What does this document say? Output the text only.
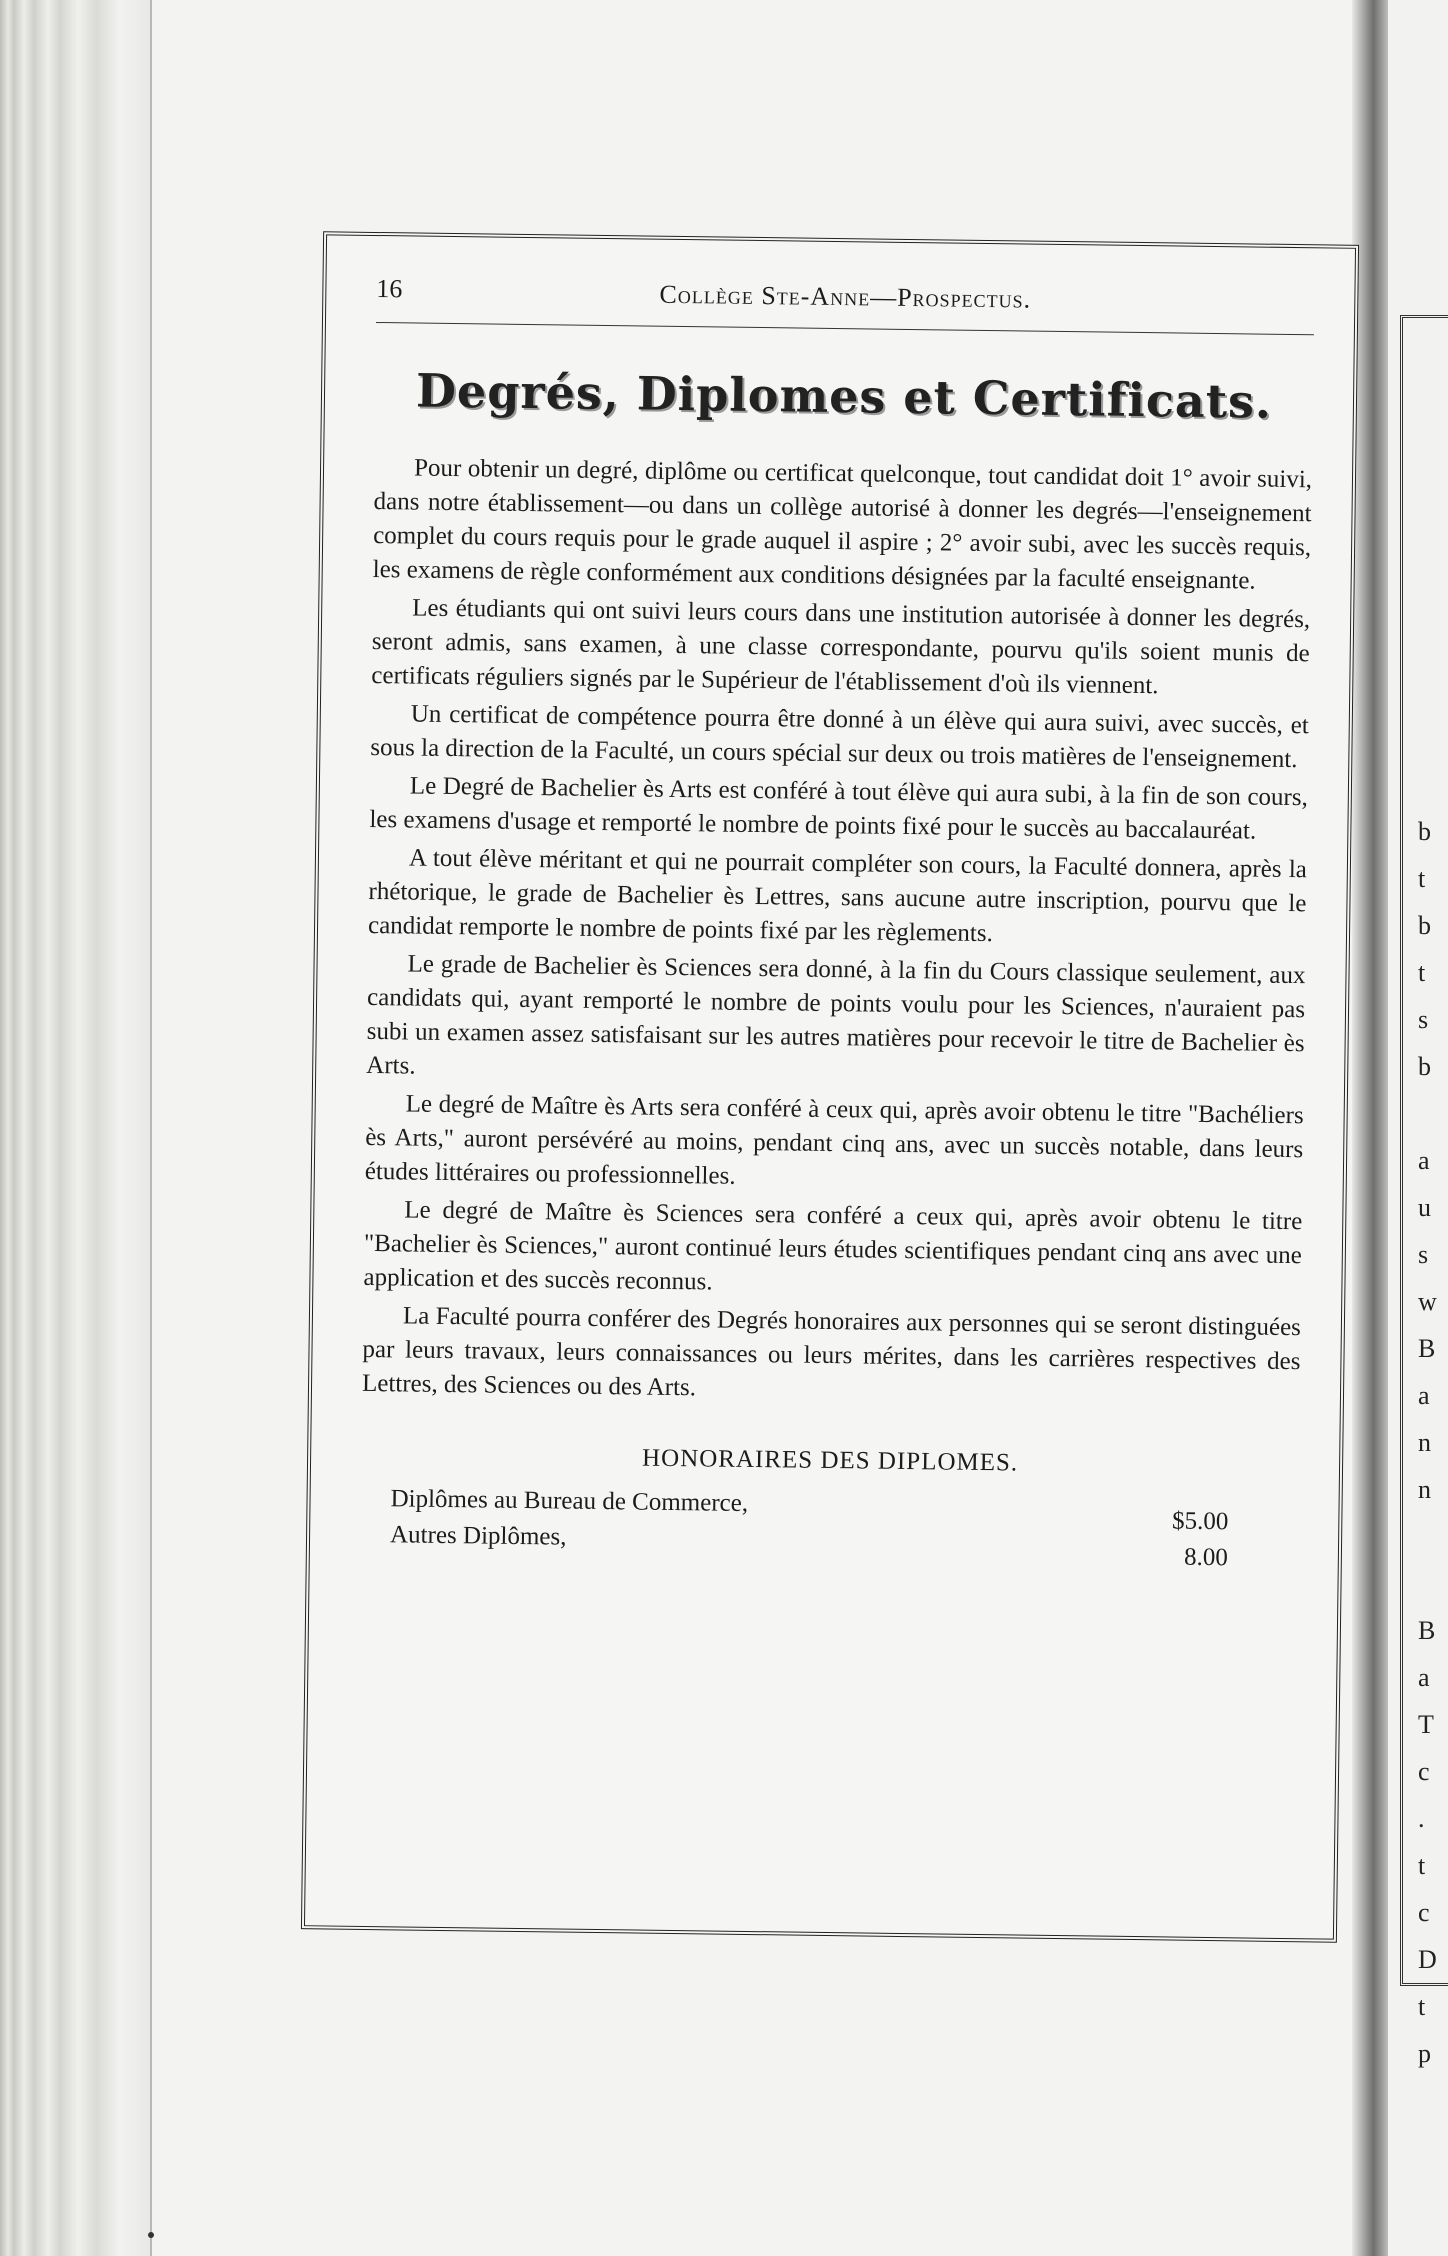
b
t
b
t
s
b
a
u
s
w
B
a
n
n
B
a
T
c
.
t
c
D
t
p
16	Collège Ste-Anne—Prospectus.
Degrés, Diplomes et Certificats.

Pour obtenir un degré, diplôme ou certificat quelconque, tout candidat doit 1° avoir suivi, dans notre établissement—ou dans un collège autorisé à donner les degrés—l'enseignement complet du cours requis pour le grade auquel il aspire ; 2° avoir subi, avec les succès requis, les examens de règle conformément aux conditions désignées par la faculté enseignante.

Les étudiants qui ont suivi leurs cours dans une institution autorisée à donner les degrés, seront admis, sans examen, à une classe correspondante, pourvu qu'ils soient munis de certificats réguliers signés par le Supérieur de l'établissement d'où ils viennent.

Un certificat de compétence pourra être donné à un élève qui aura suivi, avec succès, et sous la direction de la Faculté, un cours spécial sur deux ou trois matières de l'enseignement.

Le Degré de Bachelier ès Arts est conféré à tout élève qui aura subi, à la fin de son cours, les examens d'usage et remporté le nombre de points fixé pour le succès au baccalauréat.

A tout élève méritant et qui ne pourrait compléter son cours, la Faculté donnera, après la rhétorique, le grade de Bachelier ès Lettres, sans aucune autre inscription, pourvu que le candidat remporte le nombre de points fixé par les règlements.

Le grade de Bachelier ès Sciences sera donné, à la fin du Cours classique seulement, aux candidats qui, ayant remporté le nombre de points voulu pour les Sciences, n'auraient pas subi un examen assez satisfaisant sur les autres matières pour recevoir le titre de Bachelier ès Arts.

Le degré de Maître ès Arts sera conféré à ceux qui, après avoir obtenu le titre "Bachéliers ès Arts," auront persévéré au moins, pendant cinq ans, avec un succès notable, dans leurs études littéraires ou professionnelles.

Le degré de Maître ès Sciences sera conféré a ceux qui, après avoir obtenu le titre "Bachelier ès Sciences," auront continué leurs études scientifiques pendant cinq ans avec une application et des succès reconnus.

La Faculté pourra conférer des Degrés honoraires aux personnes qui se seront distinguées par leurs travaux, leurs connaissances ou leurs mérites, dans les carrières respectives des Lettres, des Sciences ou des Arts.

HONORAIRES DES DIPLOMES.
Diplômes au Bureau de Commerce,
$5.00
Autres Diplômes,
8.00
